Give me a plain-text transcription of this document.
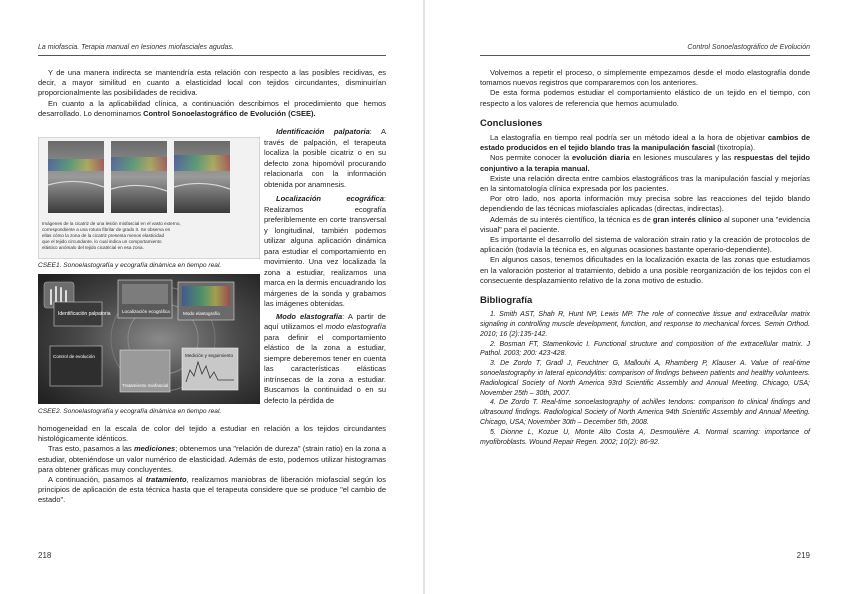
La miofascia. Terapia manual en lesiones miofasciales agudas.

Y de una manera indirecta se mantendría esta relación con respecto a las posibles recidivas, es decir, a mayor similitud en cuanto a elasticidad local con tejidos circundantes, disminuirían proporcionalmente las posibilidades de recidiva.

En cuanto a la aplicabilidad clínica, a continuación describimos el procedimiento que hemos desarrollado. Lo denominamos Control Sonoelastográfico de Evolución (CSEE).

Imágenes de la cicatriz de una lesión miofascial en el vasto externo,
correspondiente a una rotura fibrilar de grado II. Se observa en
ellas cómo la zona de la cicatriz presenta menos elasticidad
que el tejido circundante, lo cual indica un comportamiento
elástico anómalo del tejido cicatricial en esa zona.
CSEE1. Sonoelastografía y ecografía dinámica en tiempo real.
Identificación palpatoria Localización ecográfica	Modo elastografía
Control de evolución
Tratamiento miofascial
Medición y seguimiento
CSEE2. Sonoelastografía y ecografía dinámica en tiempo real.

Identificación palpatoria: A través de palpación, el terapeuta localiza la posible cicatriz o en su defecto zona hipomóvil procurando relacionarla con la información obtenida por anamnesis.

Localización ecográfica: Realizamos ecografía preferiblemente en corte transversal y longitudinal, también podemos utilizar alguna aplicación dinámica para estudiar el comportamiento en movimiento. Una vez localizada la zona a estudiar, realizamos una marca en la dermis encuadrando los márgenes de la sonda y grabamos las imágenes obtenidas.

Modo elastografía: A partir de aquí utilizamos el modo elastografía para definir el comportamiento elástico de la zona a estudiar, siempre deberemos tener en cuenta las características elásticas intrínsecas de la zona a estudiar. Buscamos la continuidad o en su defecto la pérdida de

homogeneidad en la escala de color del tejido a estudiar en relación a los tejidos circundantes histológicamente idénticos.

Tras esto, pasamos a las mediciones; obtenemos una "relación de dureza" (strain ratio) en la zona a estudiar, obteniéndose un valor numérico de elasticidad. Además de esto, podemos utilizar histogramas para obtener gráficas muy concluyentes.

A continuación, pasamos al tratamiento, realizamos maniobras de liberación miofascial según los principios de aplicación de esta técnica hasta que el terapeuta considere que se produce "el cambio de estado".

218
Control Sonoelastográfico de Evolución

Volvemos a repetir el proceso, o simplemente empezamos desde el modo elastografía donde tomamos nuevos registros que compararemos con los anteriores.

De esta forma podemos estudiar el comportamiento elástico de un tejido en el tiempo, con respecto a los valores de referencia que hemos acumulado.

Conclusiones

La elastografía en tiempo real podría ser un método ideal a la hora de objetivar cambios de estado producidos en el tejido blando tras la manipulación fascial (tixotropía).

Nos permite conocer la evolución diaria en lesiones musculares y las respuestas del tejido conjuntivo a la terapia manual.

Existe una relación directa entre cambios elastográficos tras la manipulación fascial y mejorías en la sintomatología clínica expresada por los pacientes.

Por otro lado, nos aporta información muy precisa sobre las reacciones del tejido blando dependiendo de las técnicas miofasciales aplicadas (directas, indirectas).

Además de su interés científico, la técnica es de gran interés clínico al suponer una "evidencia visual" para el paciente.

Es importante el desarrollo del sistema de valoración strain ratio y la creación de protocolos de aplicación (todavía la técnica es, en algunas ocasiones bastante operario-dependiente).

En algunos casos, tenemos dificultades en la localización exacta de las zonas que estudiamos en la valoración posterior al tratamiento, debido a una posible reorganización de los tejidos con el consecuente desplazamiento relativo de la zona motivo de estudio.

Bibliografía

1. Smith AST, Shah R, Hunt NP, Lewis MP. The role of connective tissue and extracellular matrix signaling in controlling muscle development, function, and response to mechanical forces. Semin Orthod. 2010; 16 (2):135-142.

2. Bosman FT, Stamenkovic I. Functional structure and composition of the extracellular matrix. J Pathol. 2003; 200: 423-428.

3. De Zordo T, Gradl J, Feuchtner G, Mallouhi A, Rhamberg P, Klauser A. Value of real-time sonoelastography in lateral epicondylitis: comparison of findings between patients and healthy volunteers. Radiological Society of North America 93rd Scientific Assembly and Annual Meeting. Chicago, USA; November 25th – 30th, 2007.

4. De Zordo T. Real-time sonoelastography of achilles tendons: comparison to clinical findings and ultrasound findings. Radiological Society of North America 94th Scientific Assembly and Annual Meeting. Chicago, USA; November 30th – December 5th, 2008.

5. Dionne L, Kozue U, Monte Alto Costa A, Desmoulière A. Normal scarring: importance of myofibroblasts. Wound Repair Regen. 2002; 10(2): 86-92.

219
